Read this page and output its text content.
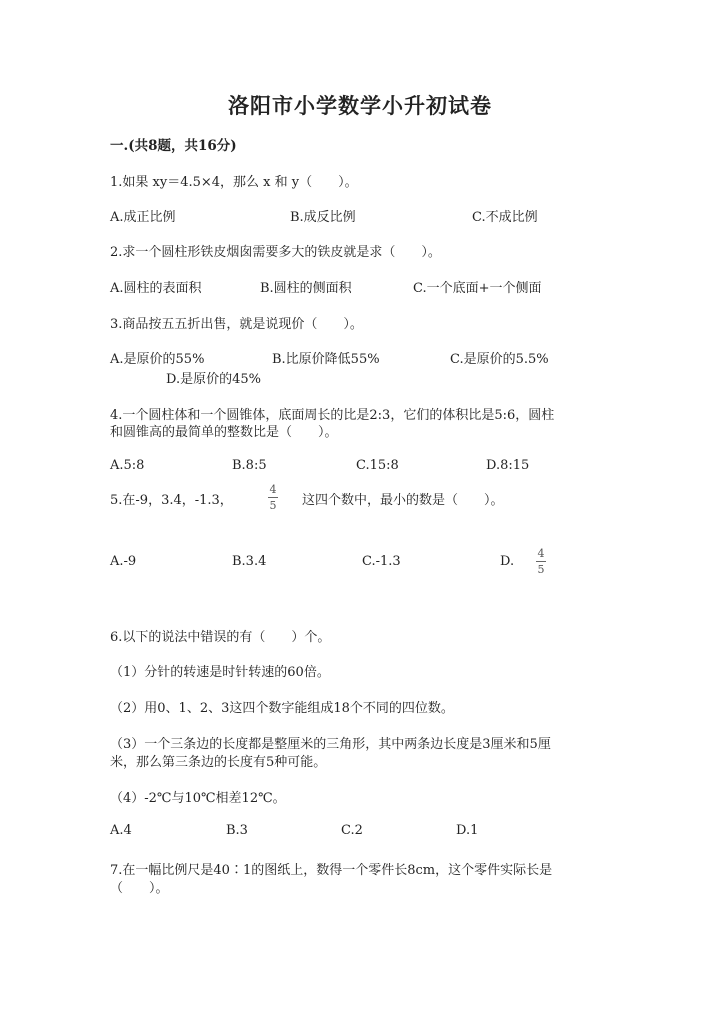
洛阳市小学数学小升初试卷
一.(共8题，共16分)
1.如果 xy＝4.5×4，那么 x 和 y（　　）。
A.成正比例	B.成反比例	C.不成比例
2.求一个圆柱形铁皮烟囱需要多大的铁皮就是求（　　）。
A.圆柱的表面积	B.圆柱的侧面积	C.一个底面+一个侧面
3.商品按五五折出售，就是说现价（　　）。
A.是原价的55%	B.比原价降低55%	C.是原价的5.5%
D.是原价的45%
4.一个圆柱体和一个圆锥体，底面周长的比是2:3，它们的体积比是5:6，圆柱
和圆锥高的最简单的整数比是（　　）。
A.5:8	B.8:5	C.15:8	D.8:15
5.在-9，3.4，-1.3，
4
5 这四个数中，最小的数是（　　）。
A.-9	B.3.4	C.-1.3	D.
4
5
6.以下的说法中错误的有（　　）个。
（1）分针的转速是时针转速的60倍。
（2）用0、1、2、3这四个数字能组成18个不同的四位数。
（3）一个三条边的长度都是整厘米的三角形，其中两条边长度是3厘米和5厘
米，那么第三条边的长度有5种可能。
（4）-2℃与10℃相差12℃。
A.4	B.3	C.2	D.1
7.在一幅比例尺是40∶1的图纸上，数得一个零件长8cm，这个零件实际长是
（　　）。
